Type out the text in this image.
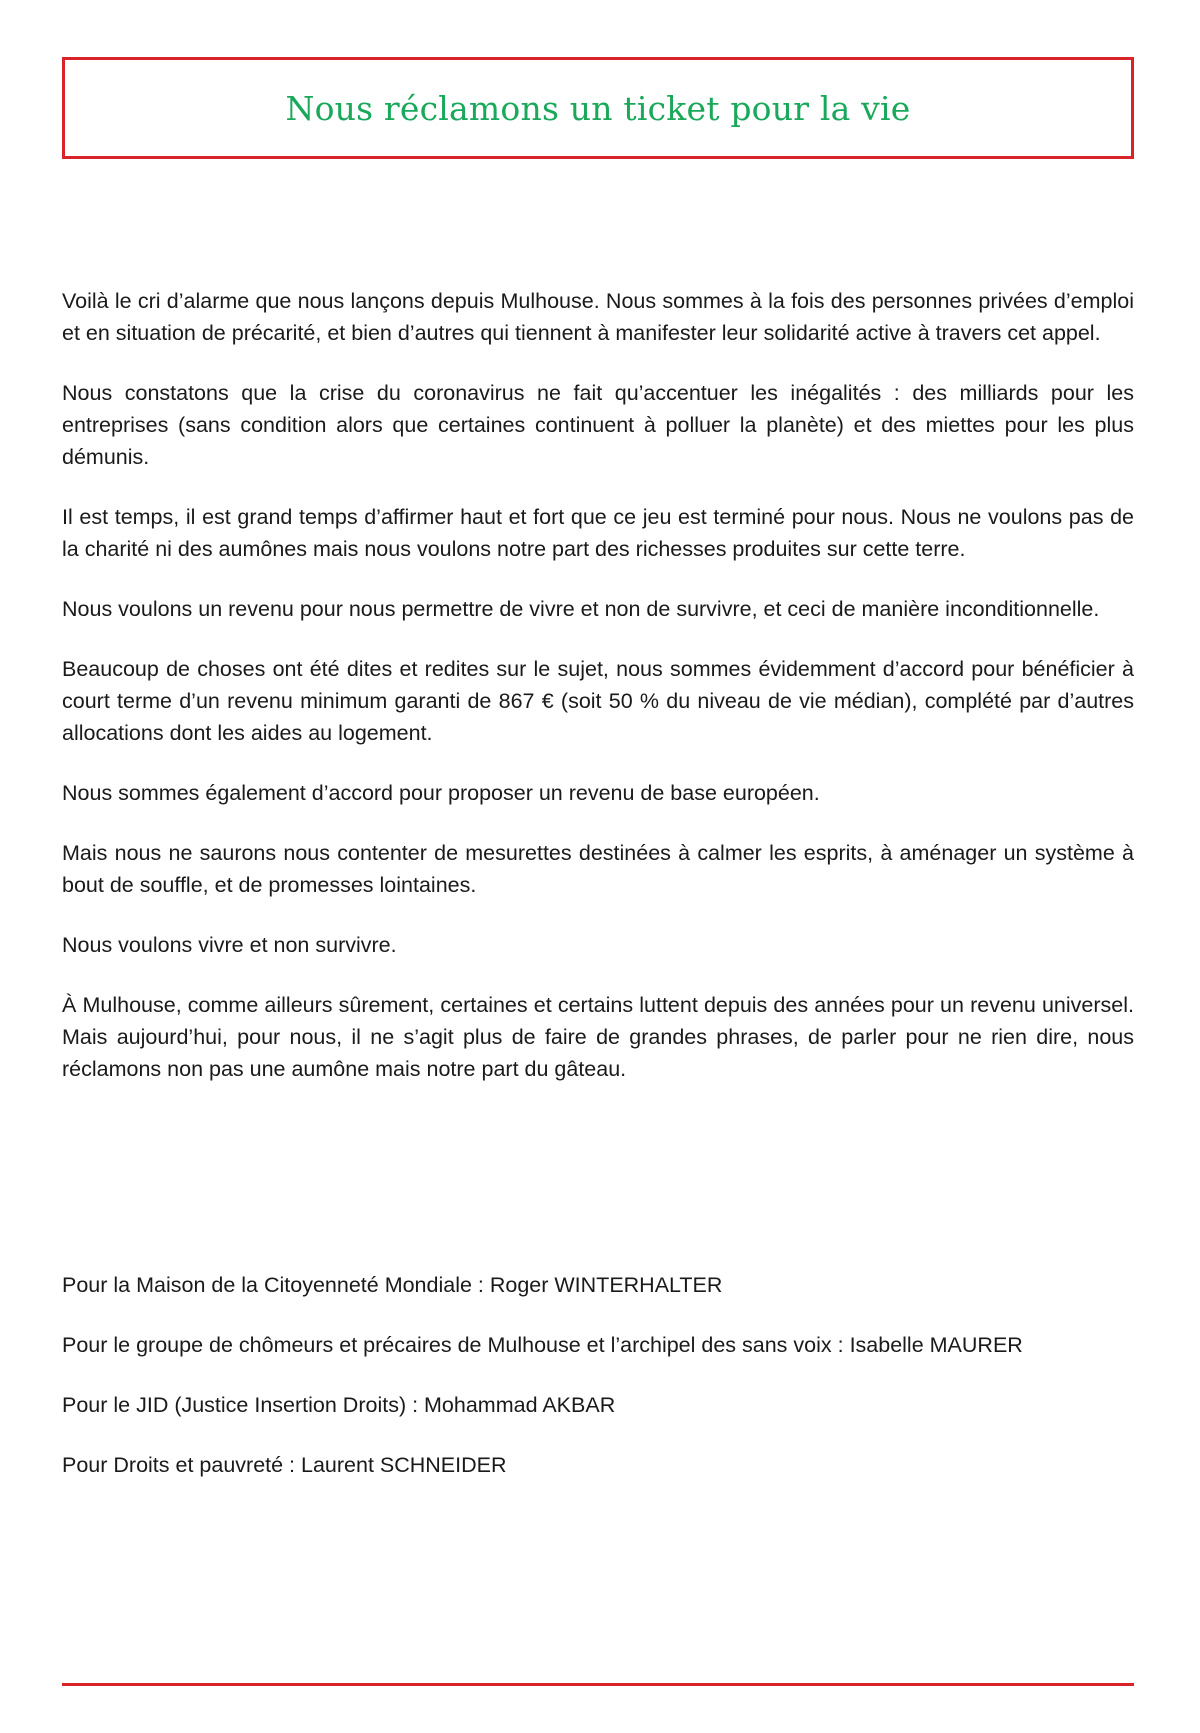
Nous réclamons un ticket pour la vie

Voilà le cri d’alarme que nous lançons depuis Mulhouse. Nous sommes à la fois des personnes privées d’emploi et en situation de précarité, et bien d’autres qui tiennent à manifester leur solidarité active à travers cet appel.

Nous constatons que la crise du coronavirus ne fait qu’accentuer les inégalités : des milliards pour les entreprises (sans condition alors que certaines continuent à polluer la planète) et des miettes pour les plus démunis.

Il est temps, il est grand temps d’affirmer haut et fort que ce jeu est terminé pour nous. Nous ne voulons pas de la charité ni des aumônes mais nous voulons notre part des richesses produites sur cette terre.

Nous voulons un revenu pour nous permettre de vivre et non de survivre, et ceci de manière inconditionnelle.

Beaucoup de choses ont été dites et redites sur le sujet, nous sommes évidemment d’accord pour bénéficier à court terme d’un revenu minimum garanti de 867 € (soit 50 % du niveau de vie médian), complété par d’autres allocations dont les aides au logement.

Nous sommes également d’accord pour proposer un revenu de base européen.

Mais nous ne saurons nous contenter de mesurettes destinées à calmer les esprits, à aménager un système à bout de souffle, et de promesses lointaines.

Nous voulons vivre et non survivre.

À Mulhouse, comme ailleurs sûrement, certaines et certains luttent depuis des années pour un revenu universel. Mais aujourd’hui, pour nous, il ne s’agit plus de faire de grandes phrases, de parler pour ne rien dire, nous réclamons non pas une aumône mais notre part du gâteau.

Pour la Maison de la Citoyenneté Mondiale : Roger WINTERHALTER

Pour le groupe de chômeurs et précaires de Mulhouse et l’archipel des sans voix : Isabelle MAURER

Pour le JID (Justice Insertion Droits) : Mohammad AKBAR

Pour Droits et pauvreté : Laurent SCHNEIDER
